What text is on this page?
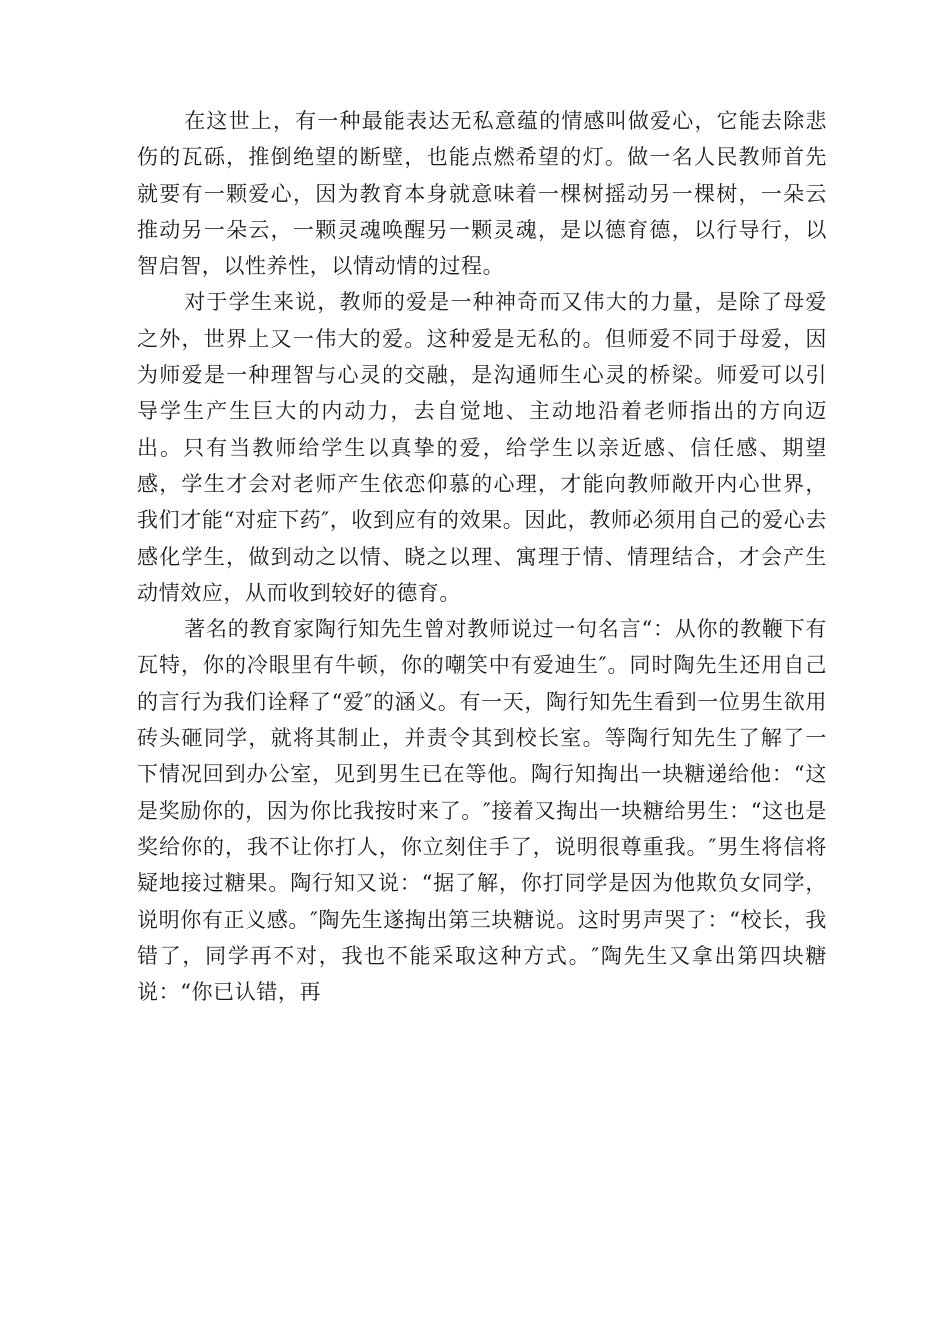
在这世上，有一种最能表达无私意蕴的情感叫做爱心，它能去除悲伤的瓦砾，推倒绝望的断壁，也能点燃希望的灯。做一名人民教师首先就要有一颗爱心，因为教育本身就意味着一棵树摇动另一棵树，一朵云推动另一朵云，一颗灵魂唤醒另一颗灵魂，是以德育德，以行导行，以智启智，以性养性，以情动情的过程。

对于学生来说，教师的爱是一种神奇而又伟大的力量，是除了母爱之外，世界上又一伟大的爱。这种爱是无私的。但师爱不同于母爱，因为师爱是一种理智与心灵的交融，是沟通师生心灵的桥梁。师爱可以引导学生产生巨大的内动力，去自觉地、主动地沿着老师指出的方向迈出。只有当教师给学生以真挚的爱，给学生以亲近感、信任感、期望感，学生才会对老师产生依恋仰慕的心理，才能向教师敞开内心世界，我们才能“对症下药″，收到应有的效果。因此，教师必须用自己的爱心去感化学生，做到动之以情、晓之以理、寓理于情、情理结合，才会产生动情效应，从而收到较好的德育。

著名的教育家陶行知先生曾对教师说过一句名言“：从你的教鞭下有瓦特，你的冷眼里有牛顿，你的嘲笑中有爱迪生″。同时陶先生还用自己的言行为我们诠释了“爱″的涵义。有一天，陶行知先生看到一位男生欲用砖头砸同学，就将其制止，并责令其到校长室。等陶行知先生了解了一下情况回到办公室，见到男生已在等他。陶行知掏出一块糖递给他：“这是奖励你的，因为你比我按时来了。″接着又掏出一块糖给男生：“这也是奖给你的，我不让你打人，你立刻住手了，说明很尊重我。″男生将信将疑地接过糖果。陶行知又说：“据了解，你打同学是因为他欺负女同学，说明你有正义感。″陶先生遂掏出第三块糖说。这时男声哭了：“校长，我错了，同学再不对，我也不能采取这种方式。″陶先生又拿出第四块糖说：“你已认错，再
